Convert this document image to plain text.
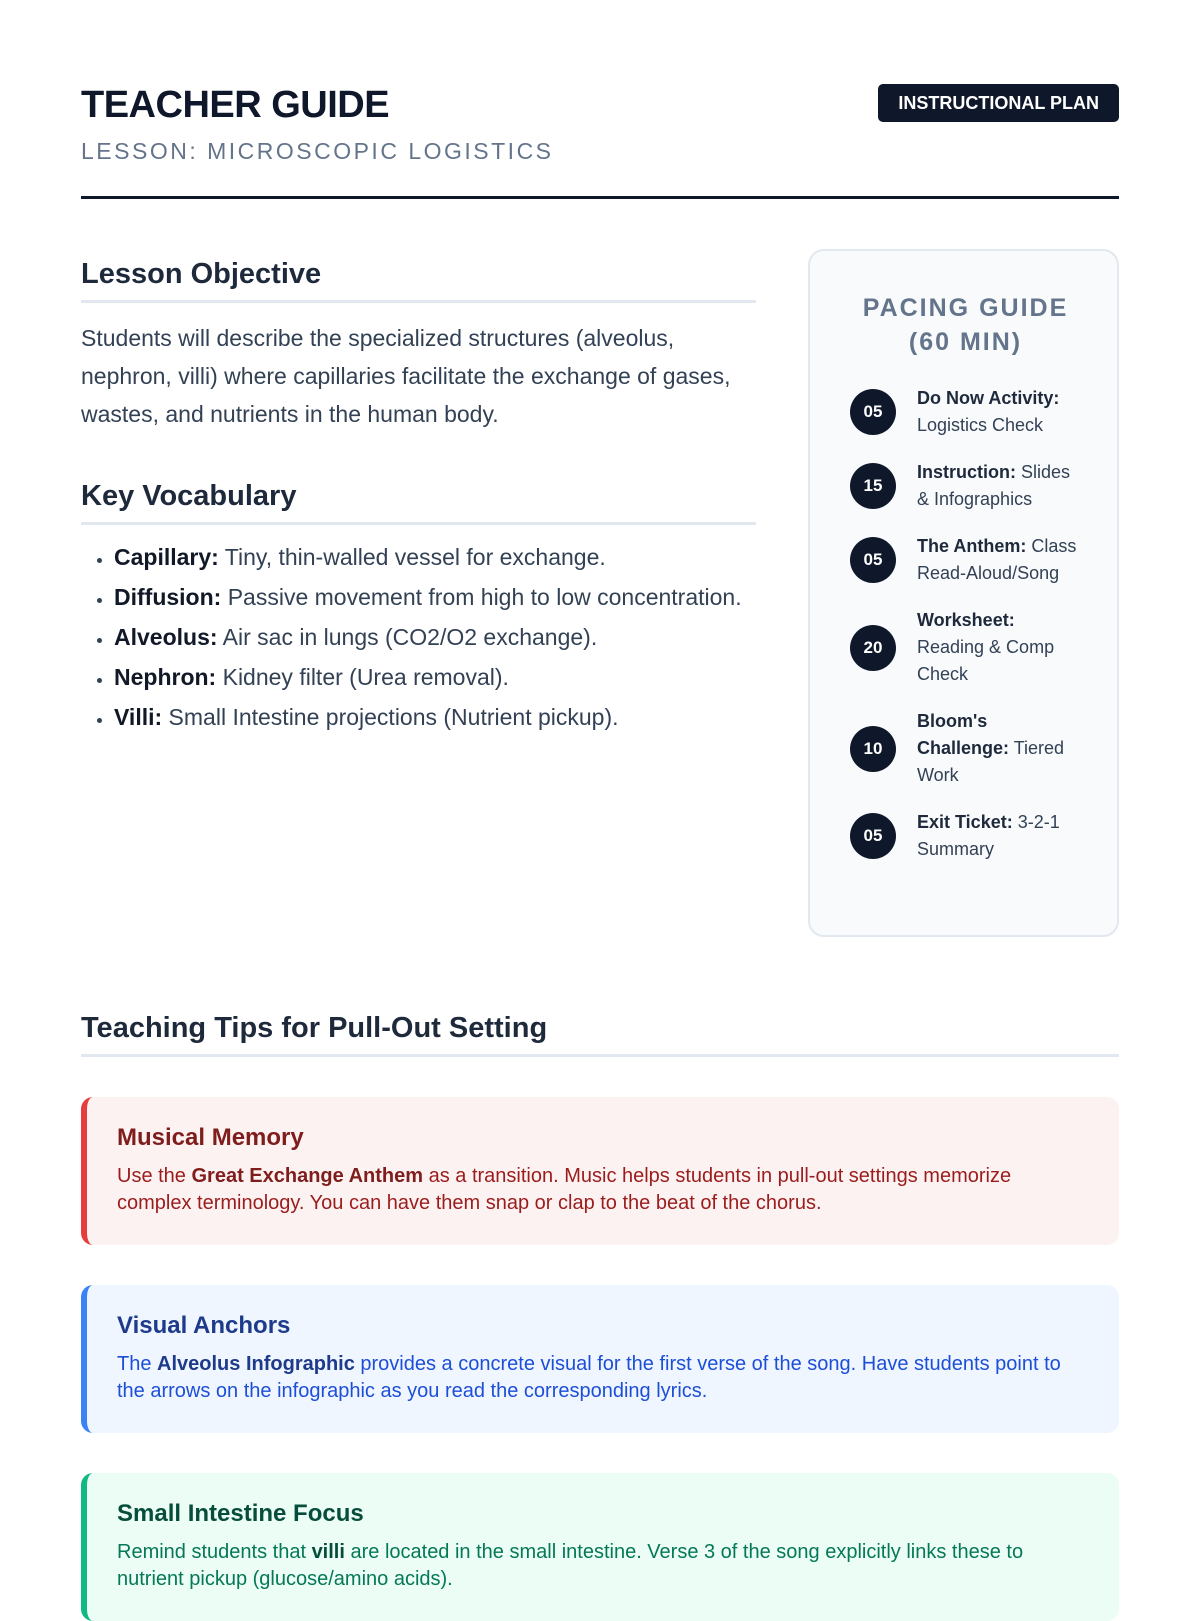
TEACHER GUIDE
LESSON: MICROSCOPIC LOGISTICS
INSTRUCTIONAL PLAN
Lesson Objective

Students will describe the specialized structures (alveolus, nephron, villi) where capillaries facilitate the exchange of gases, wastes, and nutrients in the human body.

Key Vocabulary
• Capillary: Tiny, thin-walled vessel for exchange.
• Diffusion: Passive movement from high to low concentration.
• Alveolus: Air sac in lungs (CO2/O2 exchange).
• Nephron: Kidney filter (Urea removal).
• Villi: Small Intestine projections (Nutrient pickup).
PACING GUIDE (60 MIN)
05
Do Now Activity: Logistics Check
15
Instruction: Slides & Infographics
05
The Anthem: Class Read-Aloud/Song
20
Worksheet: Reading & Comp Check
10
Bloom's Challenge: Tiered Work
05
Exit Ticket: 3-2-1 Summary
Teaching Tips for Pull-Out Setting
Musical Memory

Use the Great Exchange Anthem as a transition. Music helps students in pull-out settings memorize complex terminology. You can have them snap or clap to the beat of the chorus.

Visual Anchors

The Alveolus Infographic provides a concrete visual for the first verse of the song. Have students point to the arrows on the infographic as you read the corresponding lyrics.

Small Intestine Focus

Remind students that villi are located in the small intestine. Verse 3 of the song explicitly links these to nutrient pickup (glucose/amino acids).
